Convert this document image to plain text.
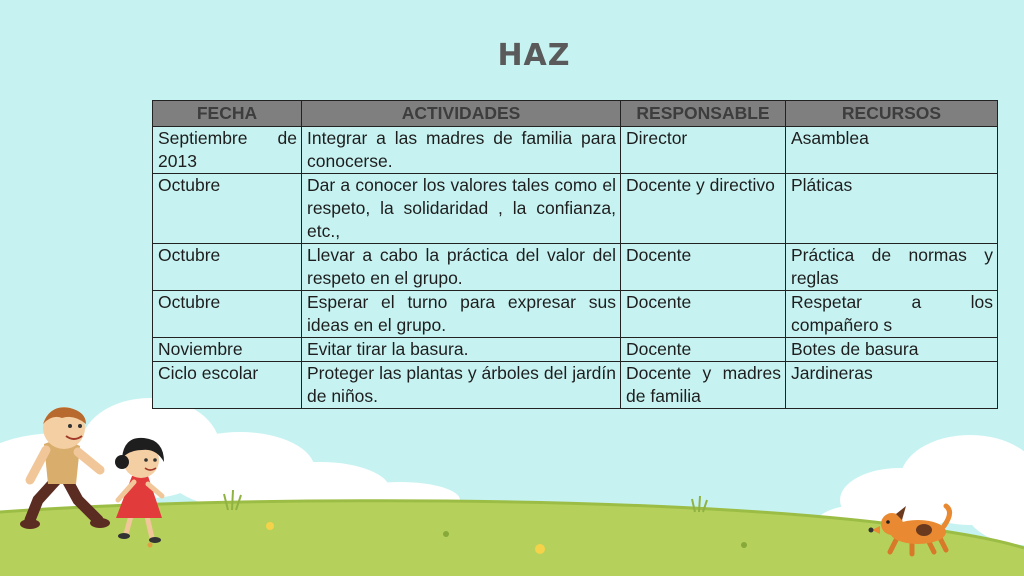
HAZ
FECHA	ACTIVIDADES	RESPONSABLE	RECURSOS
Septiembre de 2013	Integrar a las madres de familia para conocerse.	Director	Asamblea
Octubre	Dar a conocer los valores tales como el respeto, la solidaridad , la confianza, etc.,	Docente y directivo	Pláticas
Octubre	Llevar a cabo la práctica del valor del respeto en el grupo.	Docente	Práctica de normas y reglas
Octubre	Esperar el turno para expresar sus ideas en el grupo.	Docente	Respetar a los compañero s
Noviembre	Evitar tirar la basura.	Docente	Botes de basura
Ciclo escolar	Proteger las plantas y árboles del jardín de niños.	Docente y madres de familia	Jardineras
